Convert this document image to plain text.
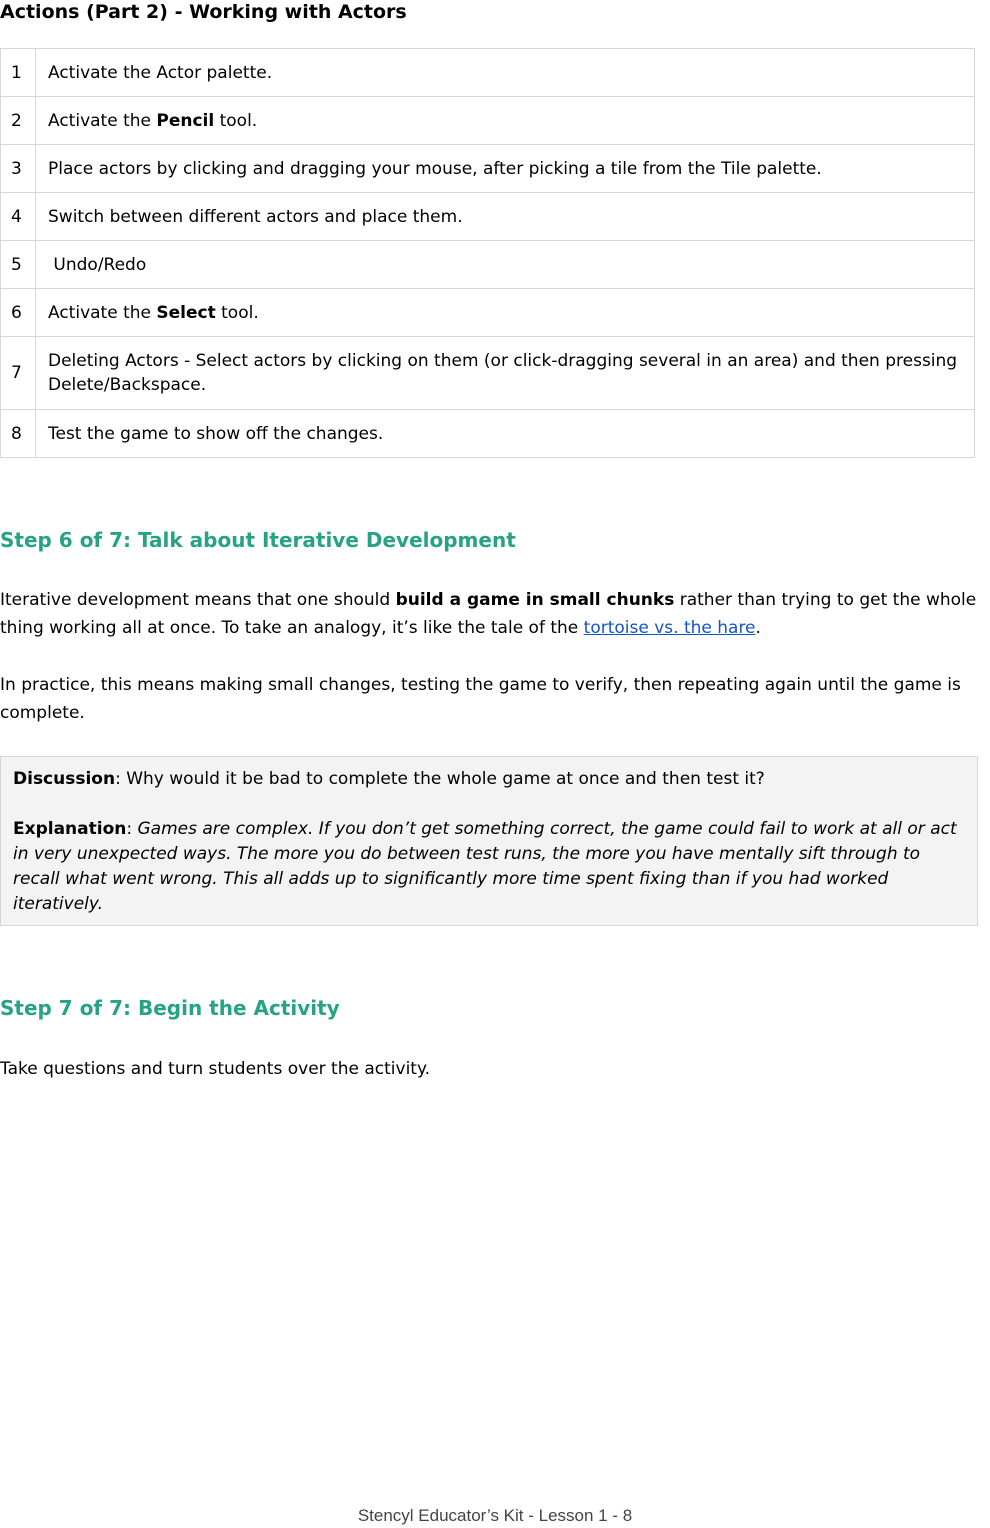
Actions (Part 2) - Working with Actors
1	Activate the Actor palette.
2	Activate the Pencil tool.
3	Place actors by clicking and dragging your mouse, after picking a tile from the Tile palette.
4	Switch between different actors and place them.
5	Undo/Redo
6	Activate the Select tool.
7	Deleting Actors - Select actors by clicking on them (or click-dragging several in an area) and then pressing Delete/Backspace.
8	Test the game to show off the changes.
Step 6 of 7: Talk about Iterative Development

Iterative development means that one should build a game in small chunks rather than trying to get the whole thing working all at once. To take an analogy, it’s like the tale of the tortoise vs. the hare.

In practice, this means making small changes, testing the game to verify, then repeating again until the game is complete.

Discussion: Why would it be bad to complete the whole game at once and then test it?

Explanation: Games are complex. If you don’t get something correct, the game could fail to work at all or act in very unexpected ways. The more you do between test runs, the more you have mentally sift through to recall what went wrong. This all adds up to significantly more time spent fixing than if you had worked iteratively.

Step 7 of 7: Begin the Activity

Take questions and turn students over the activity.

Stencyl Educator’s Kit - Lesson 1 - 8
